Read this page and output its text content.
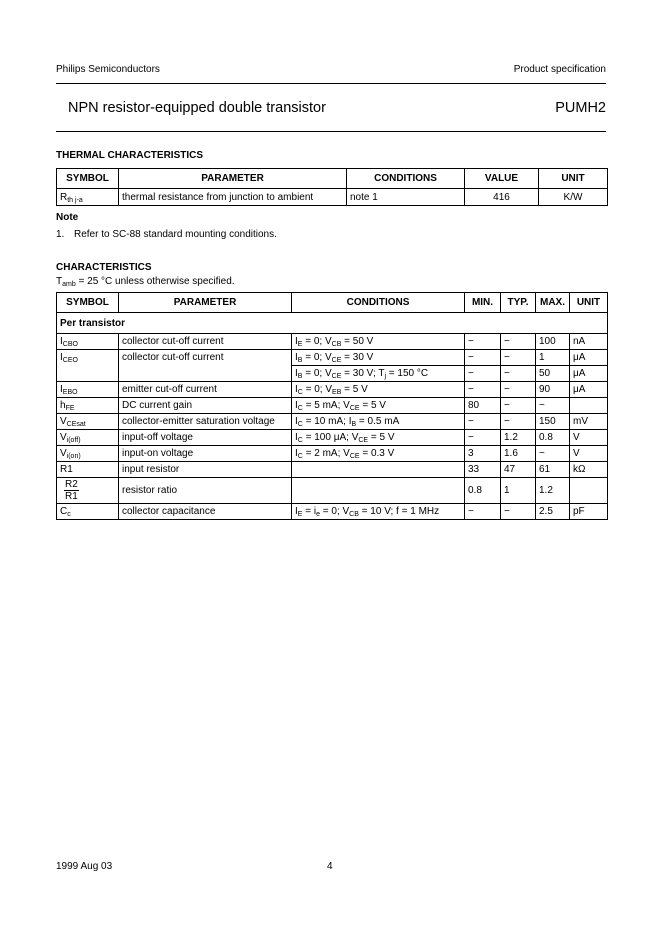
Philips Semiconductors	Product specification
NPN resistor-equipped double transistor	PUMH2
THERMAL CHARACTERISTICS
SYMBOL	PARAMETER	CONDITIONS	VALUE	UNIT
$R_{th j-a}$	thermal resistance from junction to ambient	note 1	416	K/W
Note
1. Refer to SC-88 standard mounting conditions.
CHARACTERISTICS
$T_{amb} = 25$ °C unless otherwise specified.
SYMBOL	PARAMETER	CONDITIONS	MIN.	TYP.	MAX.	UNIT
Per transistor						
$I_{CBO}$	collector cut-off current	$I_E = 0$; $V_{CB} = 50$ V	−	−	100	nA
$I_{CEO}$	collector cut-off current	$I_B = 0$; $V_{CE} = 30$ V	−	−	1	μA
		$I_B = 0$; $V_{CE} = 30$ V; $T_j = 150$ °C	−	−	50	μA
$I_{EBO}$	emitter cut-off current	$I_C = 0$; $V_{EB} = 5$ V	−	−	90	μA
$h_{FE}$	DC current gain	$I_C = 5$ mA; $V_{CE} = 5$ V	80	−	−	
$V_{CEsat}$	collector-emitter saturation voltage	$I_C = 10$ mA; $I_B = 0.5$ mA	−	−	150	mV
$V_{i(off)}$	input-off voltage	$I_C = 100$ μA; $V_{CE} = 5$ V	−	1.2	0.8	V
$V_{i(on)}$	input-on voltage	$I_C = 2$ mA; $V_{CE} = 0.3$ V	3	1.6	−	V
R1	input resistor		33	47	61	kΩ

$\frac{R2}{R1}$	resistor ratio		0.8	1	1.2	
$C_c$	collector capacitance	$I_E = i_e = 0$; $V_{CB} = 10$ V; f = 1 MHz	−	−	2.5	pF
1999 Aug 03	4
